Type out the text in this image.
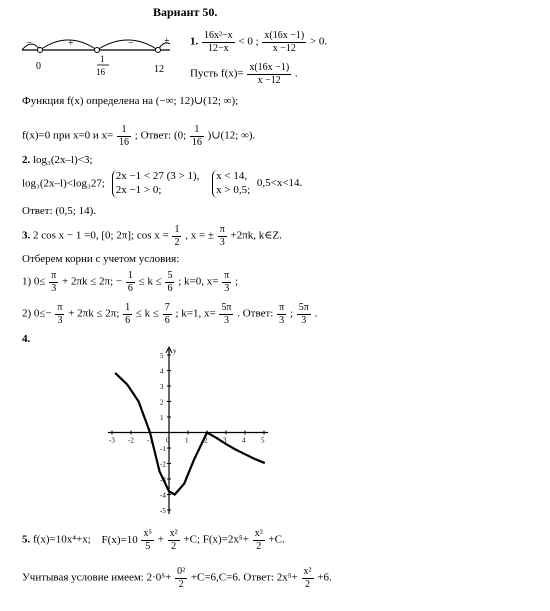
Вариант 50.
−	+	−	+
0
1
16	12
1. $\frac{\text{16x²−x}}{12-x} < 0$ ; $\frac{x(16x -1)}{x -12} > 0$.
Пусть $f(x)= \frac{x(16x -1)}{x -12}$ .
Функция f(x) определена на (−∞; 12)∪(12; ∞);
f(x)=0 при x=0 и $x= \frac{1}{16}$ ; Ответ: (0; $\frac{1}{16}$ )∪(12; ∞).
2. log₃(2x–l)<3;
log₃(2x–l)<log₃27;
2x −1 < 27 (3 > 1),
2x −1 > 0;

x < 14,
x > 0,5;
0,5<x<14.
Ответ: (0,5; 14).
3. 2 cos x − 1 =0, [0; 2π]; $\cos x = \frac{1}{2}$ , x = ± $\frac{\pi}{3} +2\pi k$, k∈Z.
Отберем корни с учетом условия:
1) $0\le \frac{\pi}{3} + 2\pi k \le 2\pi$; − $\frac{1}{6} \le k \le \frac{5}{6}$ ; k=0, $x= \frac{\pi}{3}$ ;
2) $0\le- \frac{\pi}{3} + 2\pi k \le 2\pi$; $\frac{1}{6} \le k \le \frac{7}{6}$ ; k=1, $x= \frac{5\pi}{3}$ . Ответ: $\frac{\pi}{3}$ ; $\frac{5\pi}{3}$ .
4.
y
-3 -2 -1 0 1 2 3 4 5
5
4
3
2
1
-1
-2
-3
-4
-5
5. f(x)=10x⁴+x; $F(x)=10 \frac{\text{x⁵}}{5} + \frac{\text{x²}}{2} +C$; $F(x)=2x^5+ \frac{\text{x²}}{2} +C$.
Учитывая условие имеем: $2\cdot 0^5+ \frac{\text{0²}}{2} +C=6,C=6$. Ответ: $2x^5+ \frac{\text{x²}}{2} +6$.
